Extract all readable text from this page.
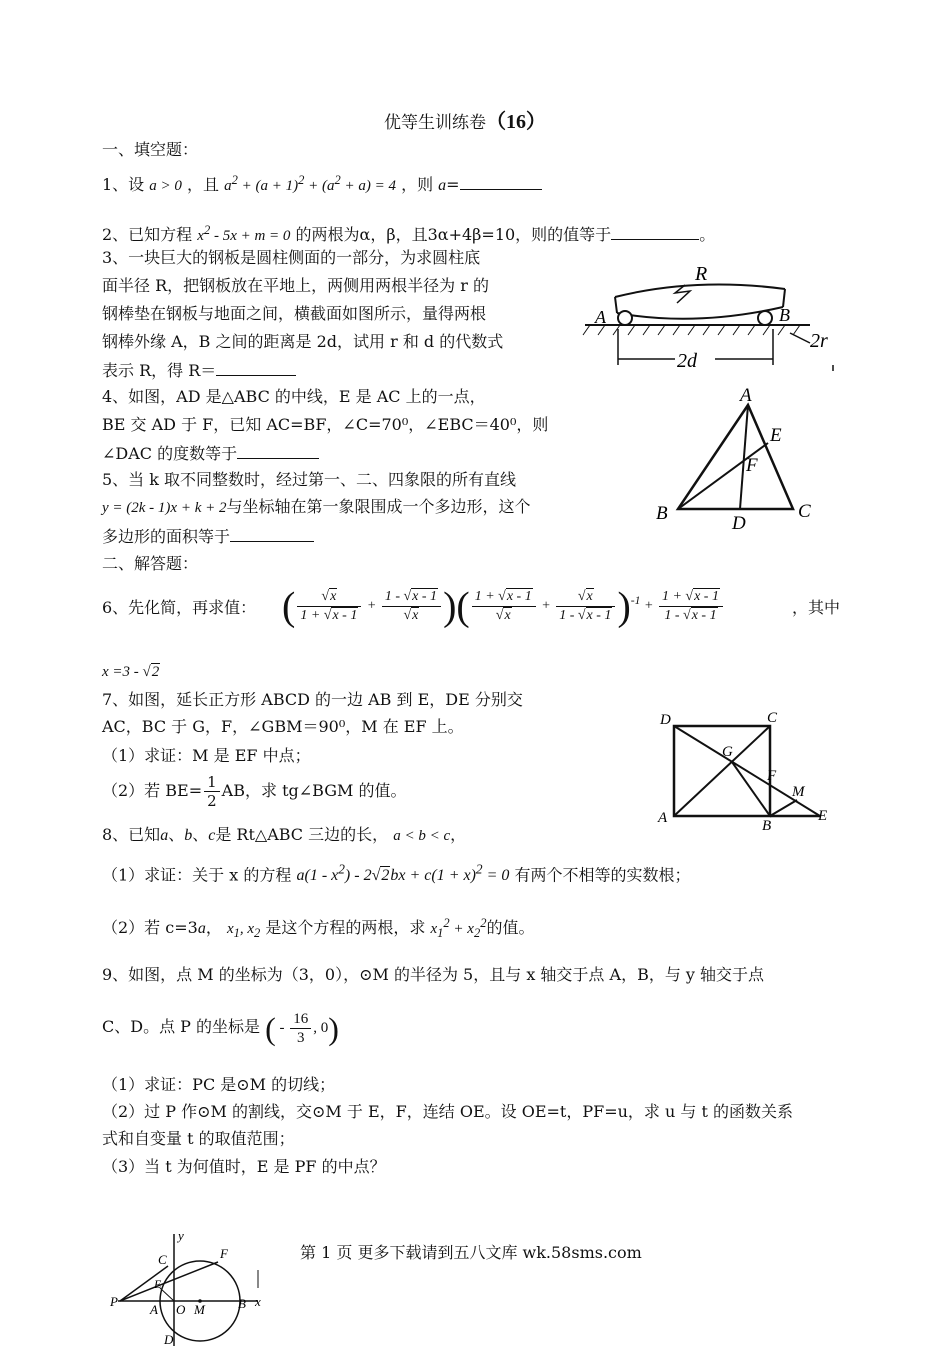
优等生训练卷（16）
一、填空题：
1、设 a > 0 ，且 $a^2 + (a + 1)^2 + (a^2 + a) = 4$ ，则 a=
2、已知方程 $x^2 - 5x + m = 0$ 的两根为α，β，且3α+4β=10，则的值等于	。
3、一块巨大的钢板是圆柱侧面的一部分，为求圆柱底
面半径 R，把钢板放在平地上，两侧用两根半径为 r 的
钢棒垫在钢板与地面之间，横截面如图所示，量得两根
钢棒外缘 A，B 之间的距离是 2d，试用 r 和 d 的代数式
表示 R，得 R＝
R
A	B
2d
2r
4、如图，AD 是△ABC 的中线，E 是 AC 上的一点，
BE 交 AD 于 F，已知 AC=BF，∠C=70⁰，∠EBC＝40⁰，则
∠DAC 的度数等于
A
E
F
B	D
C
5、当 k 取不同整数时，经过第一、二、四象限的所有直线
y = (2k - 1)x + k + 2与坐标轴在第一象限围成一个多边形，这个
多边形的面积等于
二、解答题：
6、先化简，再求值： ( $\frac{√x}{1 + √x - 1} + \frac{1 - √x - 1}{√x}$ )( $\frac{1 + √x - 1}{√x} + \frac{√x}{1 - √x - 1} )^{-1} + \frac{1 + √x - 1}{1 - √x - 1}$	，其中
x =3 - √2
7、如图，延长正方形 ABCD 的一边 AB 到 E，DE 分别交
AC，BC 于 G，F，∠GBM＝90⁰，M 在 EF 上。
（1）求证：M 是 EF 中点；
（2）若 $BE= \frac{1}{2}$ AB，求 tg∠BGM 的值。
D	C
G
F
M
A	B
E
8、已知a、b、c是 Rt△ABC 三边的长， a < b < c，
（1）求证：关于 x 的方程 $a(1 - x^2) - 2√2bx + c(1 + x)^2 = 0$ 有两个不相等的实数根；
（2）若 c=3a， $x_1$, $x_2$ 是这个方程的两根，求 $x_1^2 + x_2^2$的值。
9、如图，点 M 的坐标为（3，0），⊙M 的半径为 5，且与 x 轴交于点 A，B，与 y 轴交于点
C、D。点 P 的坐标是 ( - $\frac{16}{3}$ , 0)
（1）求证：PC 是⊙M 的切线；
（2）过 P 作⊙M 的割线，交⊙M 于 E，F，连结 OE。设 OE=t，PF=u，求 u 与 t 的函数关系
式和自变量 t 的取值范围；
（3）当 t 为何值时，E 是 PF 的中点？
y
x
C	F
E
P
A O M	B
D
第 1 页 更多下载请到五八文库 wk.58sms.com
